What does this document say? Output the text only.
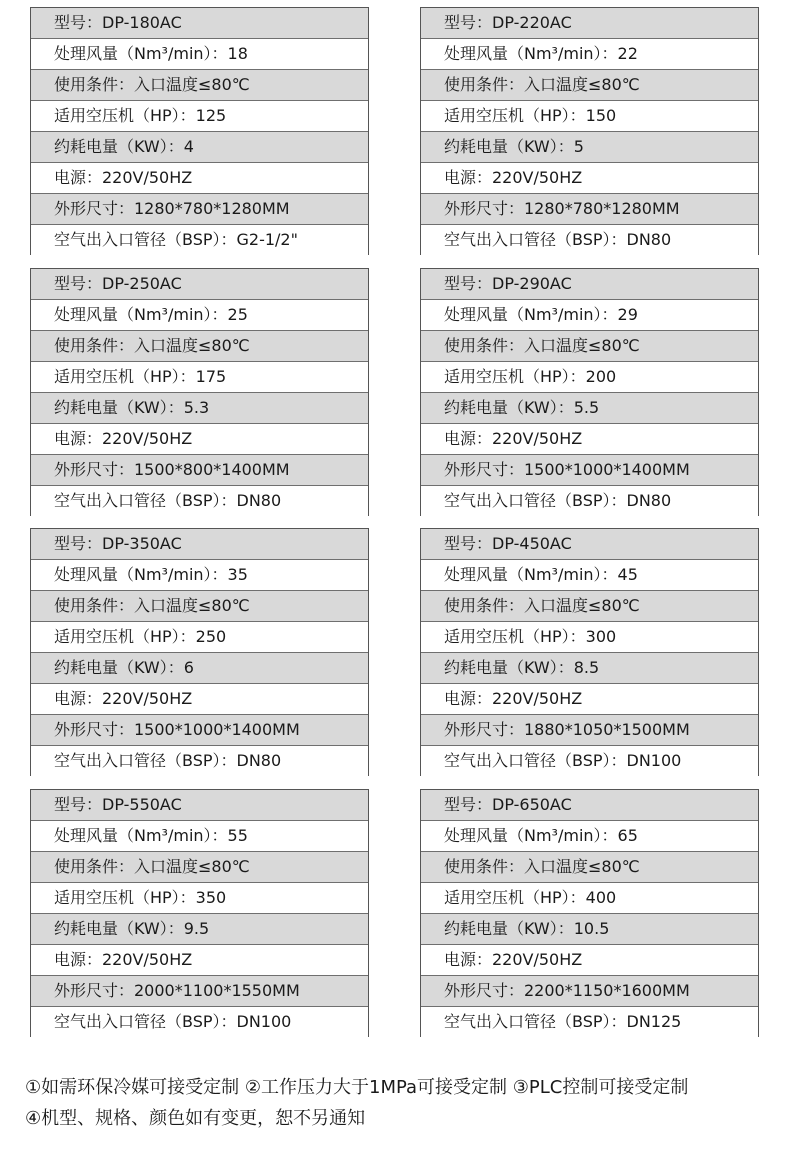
型号：DP-180AC
处理风量（Nm³/min）：18
使用条件：入口温度≤80℃
适用空压机（HP）：125
约耗电量（KW）：4
电源：220V/50HZ
外形尺寸：1280*780*1280MM
空气出入口管径（BSP）：G2-1/2"
型号：DP-220AC
处理风量（Nm³/min）：22
使用条件：入口温度≤80℃
适用空压机（HP）：150
约耗电量（KW）：5
电源：220V/50HZ
外形尺寸：1280*780*1280MM
空气出入口管径（BSP）：DN80
型号：DP-250AC
处理风量（Nm³/min）：25
使用条件：入口温度≤80℃
适用空压机（HP）：175
约耗电量（KW）：5.3
电源：220V/50HZ
外形尺寸：1500*800*1400MM
空气出入口管径（BSP）：DN80
型号：DP-290AC
处理风量（Nm³/min）：29
使用条件：入口温度≤80℃
适用空压机（HP）：200
约耗电量（KW）：5.5
电源：220V/50HZ
外形尺寸：1500*1000*1400MM
空气出入口管径（BSP）：DN80
型号：DP-350AC
处理风量（Nm³/min）：35
使用条件：入口温度≤80℃
适用空压机（HP）：250
约耗电量（KW）：6
电源：220V/50HZ
外形尺寸：1500*1000*1400MM
空气出入口管径（BSP）：DN80
型号：DP-450AC
处理风量（Nm³/min）：45
使用条件：入口温度≤80℃
适用空压机（HP）：300
约耗电量（KW）：8.5
电源：220V/50HZ
外形尺寸：1880*1050*1500MM
空气出入口管径（BSP）：DN100
型号：DP-550AC
处理风量（Nm³/min）：55
使用条件：入口温度≤80℃
适用空压机（HP）：350
约耗电量（KW）：9.5
电源：220V/50HZ
外形尺寸：2000*1100*1550MM
空气出入口管径（BSP）：DN100
型号：DP-650AC
处理风量（Nm³/min）：65
使用条件：入口温度≤80℃
适用空压机（HP）：400
约耗电量（KW）：10.5
电源：220V/50HZ
外形尺寸：2200*1150*1600MM
空气出入口管径（BSP）：DN125
①如需环保冷媒可接受定制 ②工作压力大于1MPa可接受定制 ③PLC控制可接受定制
④机型、规格、颜色如有变更，恕不另通知
